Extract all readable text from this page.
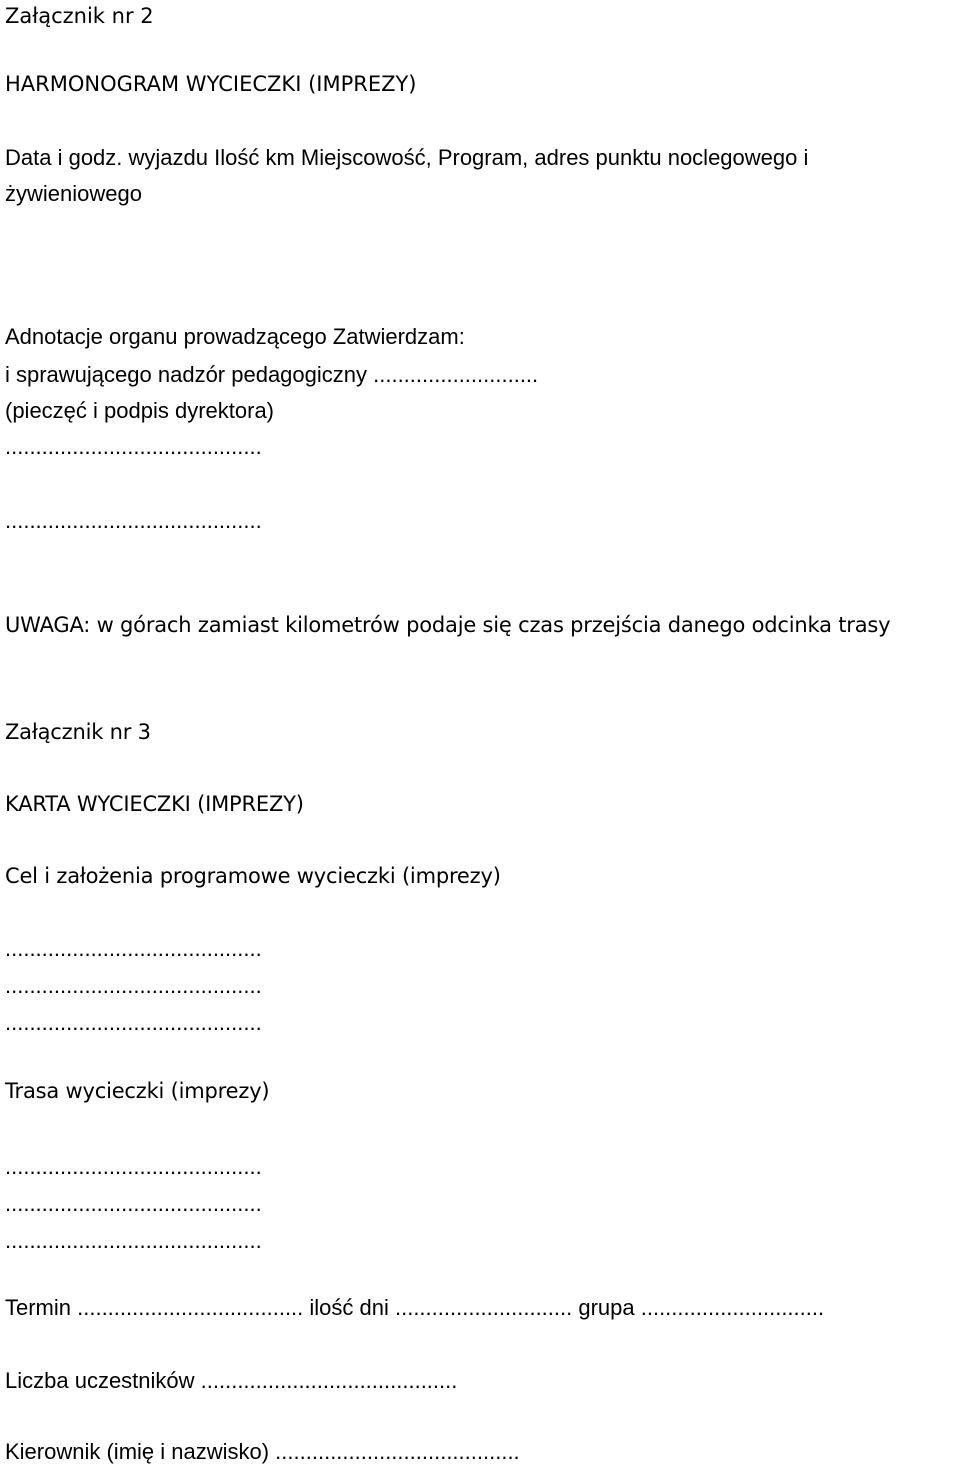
Załącznik nr 2
HARMONOGRAM WYCIECZKI (IMPREZY)
Data i godz. wyjazdu Ilość km Miejscowość, Program, adres punktu noclegowego i
żywieniowego
Adnotacje organu prowadzącego Zatwierdzam:
i sprawującego nadzór pedagogiczny ...........................
(pieczęć i podpis dyrektora)
..........................................
..........................................
UWAGA: w górach zamiast kilometrów podaje się czas przejścia danego odcinka trasy
Załącznik nr 3
KARTA WYCIECZKI (IMPREZY)
Cel i założenia programowe wycieczki (imprezy)
..........................................
..........................................
..........................................
Trasa wycieczki (imprezy)
..........................................
..........................................
..........................................
Termin ..................................... ilość dni ............................. grupa ..............................
Liczba uczestników ..........................................
Kierownik (imię i nazwisko) ........................................
